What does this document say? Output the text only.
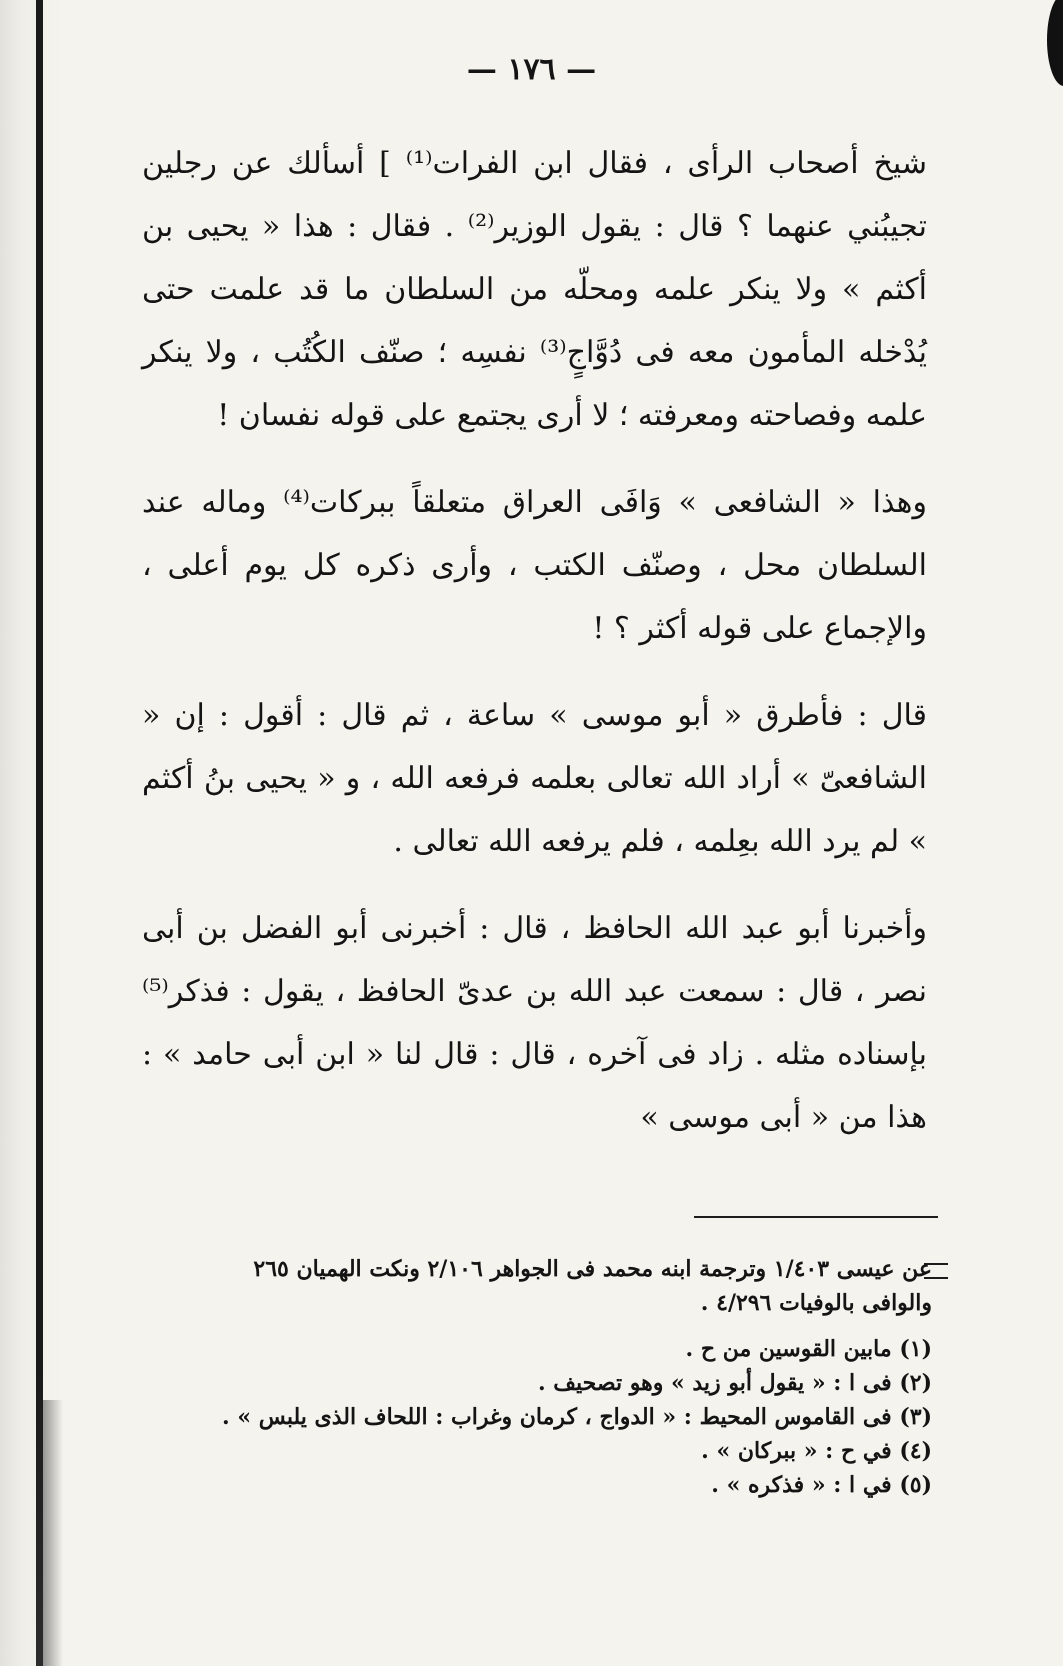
— ١٧٦ —

شيخ أصحاب الرأى ، فقال ابن الفرات⁽¹⁾ ] أسألك عن رجلين تجيبُني عنهما ؟ قال : يقول الوزير⁽²⁾ . فقال : هذا « يحيى بن أكثم » ولا ينكر علمه ومحلّه من السلطان ما قد علمت حتى يُدْخله المأمون معه فى دُوَّاجٍ⁽³⁾ نفسِه ؛ صنّف الكُتُب ، ولا ينكر علمه وفصاحته ومعرفته ؛ لا أرى يجتمع على قوله نفسان !

وهذا « الشافعى » وَافَى العراق متعلقاً ببركات⁽⁴⁾ وماله عند السلطان محل ، وصنّف الكتب ، وأرى ذكره كل يوم أعلى ، والإجماع على قوله أكثر ؟ !

قال : فأطرق « أبو موسى » ساعة ، ثم قال : أقول : إن « الشافعىّ » أراد الله تعالى بعلمه فرفعه الله ، و « يحيى بنُ أكثم » لم يرد الله بعِلمه ، فلم يرفعه الله تعالى .

وأخبرنا أبو عبد الله الحافظ ، قال : أخبرنى أبو الفضل بن أبى نصر ، قال : سمعت عبد الله بن عدىّ الحافظ ، يقول : فذكر⁽⁵⁾ بإسناده مثله . زاد فى آخره ، قال : قال لنا « ابن أبى حامد » : هذا من « أبى موسى »

عن عيسى ١/٤٠٣ وترجمة ابنه محمد فى الجواهر ٢/١٠٦ ونكت الهميان ٢٦٥

والوافى بالوفيات ٤/٢٩٦ .

(١) مابين القوسين من ح .

(٢) فى ا : « يقول أبو زيد » وهو تصحيف .

(٣) فى القاموس المحيط : « الدواج ، كرمان وغراب : اللحاف الذى يلبس » .

(٤) في ح : « ببركان » .

(٥) في ا : « فذكره » .
